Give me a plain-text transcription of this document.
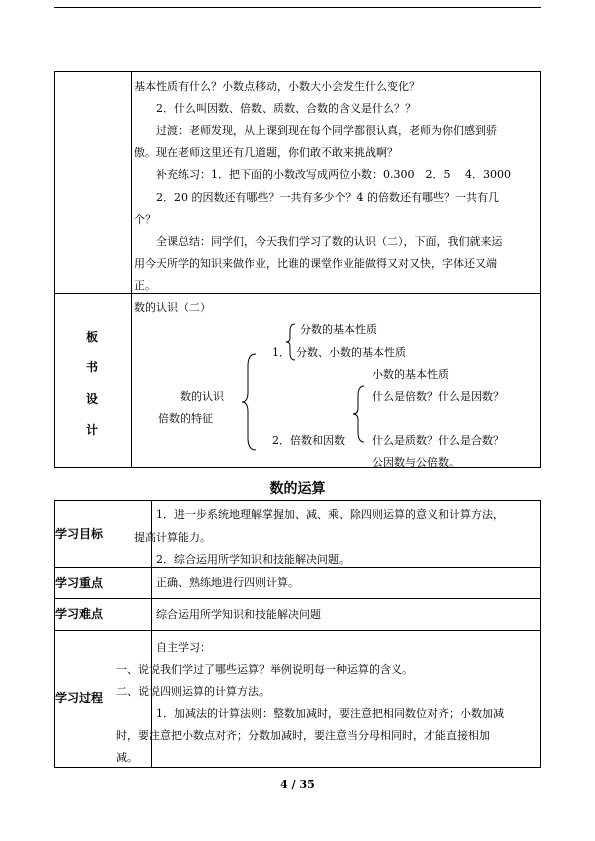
基本性质有什么？小数点移动，小数大小会发生什么变化？
2．什么叫因数、倍数、质数、合数的含义是什么？？
过渡：老师发现，从上课到现在每个同学都很认真，老师为你们感到骄
傲。现在老师这里还有几道题，你们敢不敢来挑战啊？
补充练习：1．把下面的小数改写成两位小数：0.300　2．5　 4．3000
2．20 的因数还有哪些？一共有多少个？4 的倍数还有哪些？一共有几
个？
全课总结：同学们，今天我们学习了数的认识（二），下面，我们就来运
用今天所学的知识来做作业，比谁的课堂作业能做得又对又快，字体还又端
正。
板
书
设
计
数的认识（二）
分数的基本性质
1． 分数、小数的基本性质
小数的基本性质
数的认识	什么是倍数？什么是因数？
倍数的特征
2．倍数和因数 什么是质数？什么是合数？
公因数与公倍数。
数的运算
学习目标
学习重点
学习难点
学习过程
1．进一步系统地理解掌握加、减、乘、除四则运算的意义和计算方法，
提高计算能力。
2．综合运用所学知识和技能解决问题。
正确、熟练地进行四则计算。
综合运用所学知识和技能解决问题
自主学习：
一、说说我们学过了哪些运算？举例说明每一种运算的含义。
二、说说四则运算的计算方法。
1．加减法的计算法则：整数加减时，要注意把相同数位对齐；小数加减
时，要注意把小数点对齐；分数加减时，要注意当分母相同时，才能直接相加
减。
4 / 35
